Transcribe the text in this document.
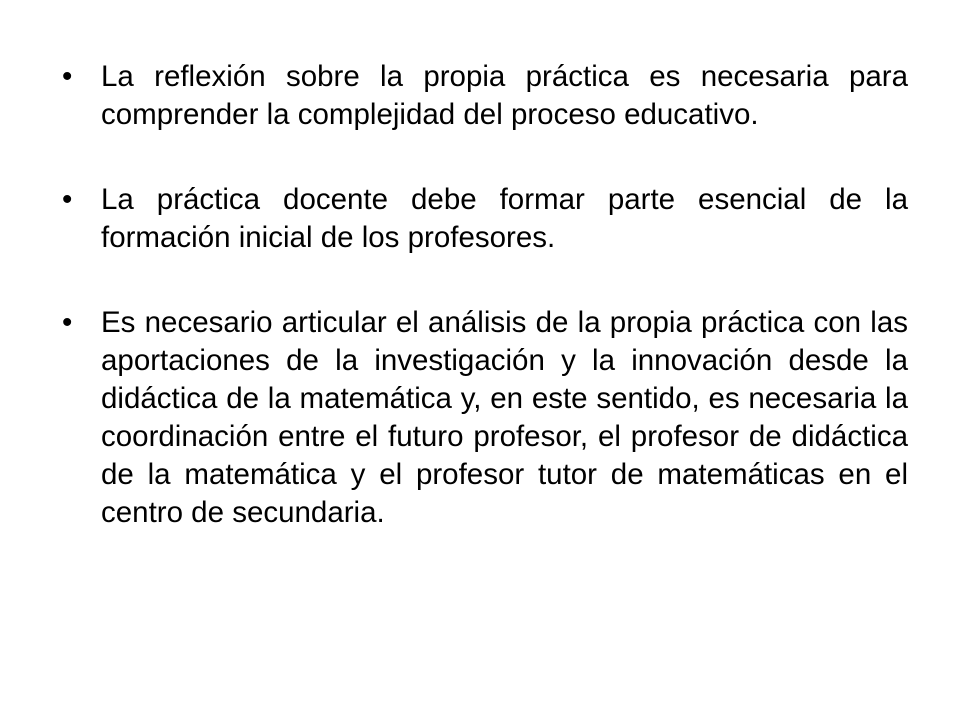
• La reflexión sobre la propia práctica es necesaria para comprender la complejidad del proceso educativo.
• La práctica docente debe formar parte esencial de la formación inicial de los profesores.
• Es necesario articular el análisis de la propia práctica con las aportaciones de la investigación y la innovación desde la didáctica de la matemática y, en este sentido, es necesaria la coordinación entre el futuro profesor, el profesor de didáctica de la matemática y el profesor tutor de matemáticas en el centro de secundaria.
